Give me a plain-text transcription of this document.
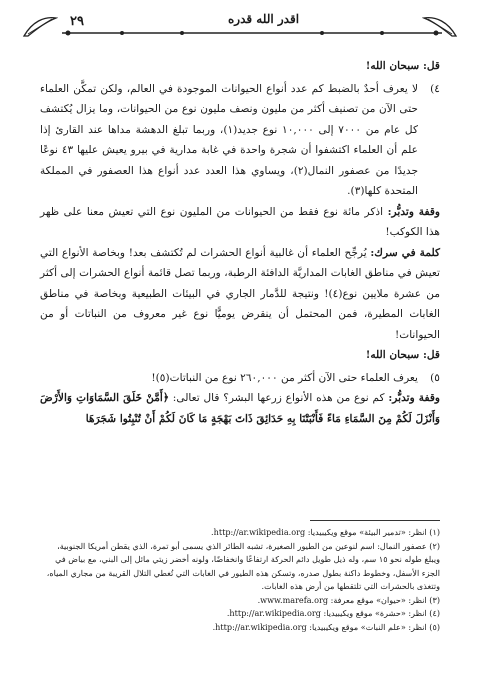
٢٩	اقدر الله قدره

قل: سبحان الله!

٤)
لا يعرف أحدٌ بالضبط كم عدد أنواع الحيوانات الموجودة في العالم، ولكن تمكَّن العلماء حتى الآن من تصنيف أكثر من مليون ونصف مليون نوع من الحيوانات، وما يزال يُكتشف كل عام من ٧٠٠٠ إلى ١٠,٠٠٠ نوع جديد(١)، وربما تبلغ الدهشة مداها عند القارئ إذا علم أن العلماء اكتشفوا أن شجرة واحدة في غابة مدارية في بيرو يعيش عليها ٤٣ نوعًا جديدًا من عصفور النمال(٢)، ويساوي هذا العدد عدد أنواع هذا العصفور في المملكة المتحدة كلها(٣).

وقفة وتدبُّر: اذكر مائة نوع فقط من الحيوانات من المليون نوع التي تعيش معنا على ظهر هذا الكوكب!

كلمة في سرك: يُرجِّح العلماء أن غالبية أنواع الحشرات لم تُكتشف بعد! وبخاصة الأنواع التي تعيش في مناطق الغابات المداريَّة الدافئة الرطبة، وربما تصل قائمة أنواع الحشرات إلى أكثر من عشرة ملايين نوع(٤)! ونتيجة للدَّمار الجاري في البيئات الطبيعية وبخاصة في مناطق الغابات المطيرة، فمن المحتمل أن ينقرض يوميًّا نوع غير معروف من النباتات أو من الحيوانات!

قل: سبحان الله!

٥)
يعرف العلماء حتى الآن أكثر من ٢٦٠,٠٠٠ نوع من النباتات(٥)!

وقفة وتدبُّر: كم نوع من هذه الأنواع زرعها البشر؟ قال تعالى: ﴿أَمَّنْ خَلَقَ السَّمَاوَاتِ وَالأَرْضَ وَأَنْزَلَ لَكُمْ مِنَ السَّمَاءِ مَاءً فَأَنْبَتْنَا بِهِ حَدَائِقَ ذَاتَ بَهْجَةٍ مَا كَانَ لَكُمْ أَنْ تُنْبِتُوا شَجَرَهَا

(١) انظر: «تدمير البيئة» موقع ويكيبيديا: http://ar.wikipedia.org.
(٢) عصفور النمال: اسم لنوعين من الطيور الصغيرة، تشبه الطائر الذي يسمى أبو تمرة، الذي يقطن أمريكا الجنوبية، ويبلغ طوله نحو ١٥ سم، وله ذيل طويل دائم الحركة ارتفاعًا وانخفاضًا، ولونه أخضر زيتي مائل إلى البني، مع بياض في الجزء الأسفل، وخطوط داكنة بطول صدره، وتسكن هذه الطيور في الغابات التي تُغطي التلال القريبة من مجاري المياه، وتتغذى بالحشرات التي تلتقطها من أرض هذه الغابات.
(٣) انظر: «حيوان» موقع معرفة: www.marefa.org.
(٤) انظر: «حشرة» موقع ويكيبيديا: http://ar.wikipedia.org.
(٥) انظر: «علم النبات» موقع ويكيبيديا: http://ar.wikipedia.org.
